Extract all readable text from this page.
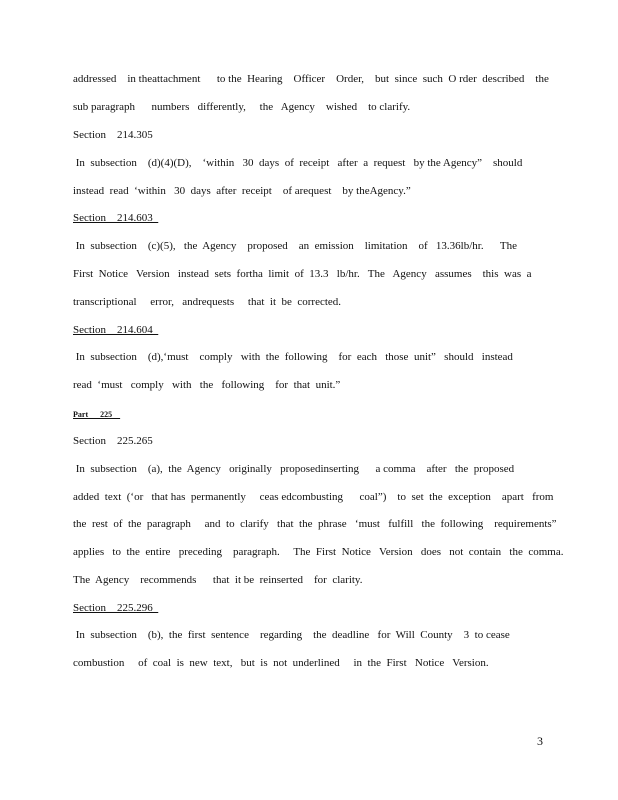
addressed    in theattachment      to the  Hearing    Officer    Order,    but  since  such  O rder  described    the
sub paragraph      numbers   differently,     the   Agency    wished    to clarify.
Section    214.305
In  subsection    (d)(4)(D),    ‘within   30  days  of  receipt   after  a  request   by the Agency”    should
instead  read  ‘within   30  days  after  receipt    of arequest    by theAgency.”
Section    214.603
In  subsection    (c)(5),   the  Agency    proposed    an  emission    limitation    of   13.36lb/hr.      The
First  Notice   Version   instead  sets  fortha  limit  of  13.3   lb/hr.   The   Agency   assumes    this  was  a
transcriptional     error,   andrequests     that  it  be  corrected.
Section    214.604
In  subsection    (d),‘must    comply   with  the  following    for  each   those  unit”   should   instead
read  ‘must   comply   with   the   following    for  that  unit.”
Part      225
Section    225.265
In  subsection    (a),  the  Agency   originally   proposedinserting      a comma    after   the  proposed
added  text  (‘or   that has  permanently     ceas edcombusting      coal”)    to  set  the  exception    apart   from
the  rest  of  the  paragraph     and  to  clarify   that  the  phrase   ‘must   fulfill   the  following    requirements”
applies   to  the  entire   preceding    paragraph.     The  First  Notice   Version   does   not  contain   the  comma.
The  Agency    recommends      that  it be  reinserted    for  clarity.
Section    225.296
In  subsection    (b),  the  first  sentence    regarding    the  deadline   for  Will  County    3  to cease
combustion     of  coal  is  new  text,   but  is  not  underlined     in  the  First   Notice   Version.
3
